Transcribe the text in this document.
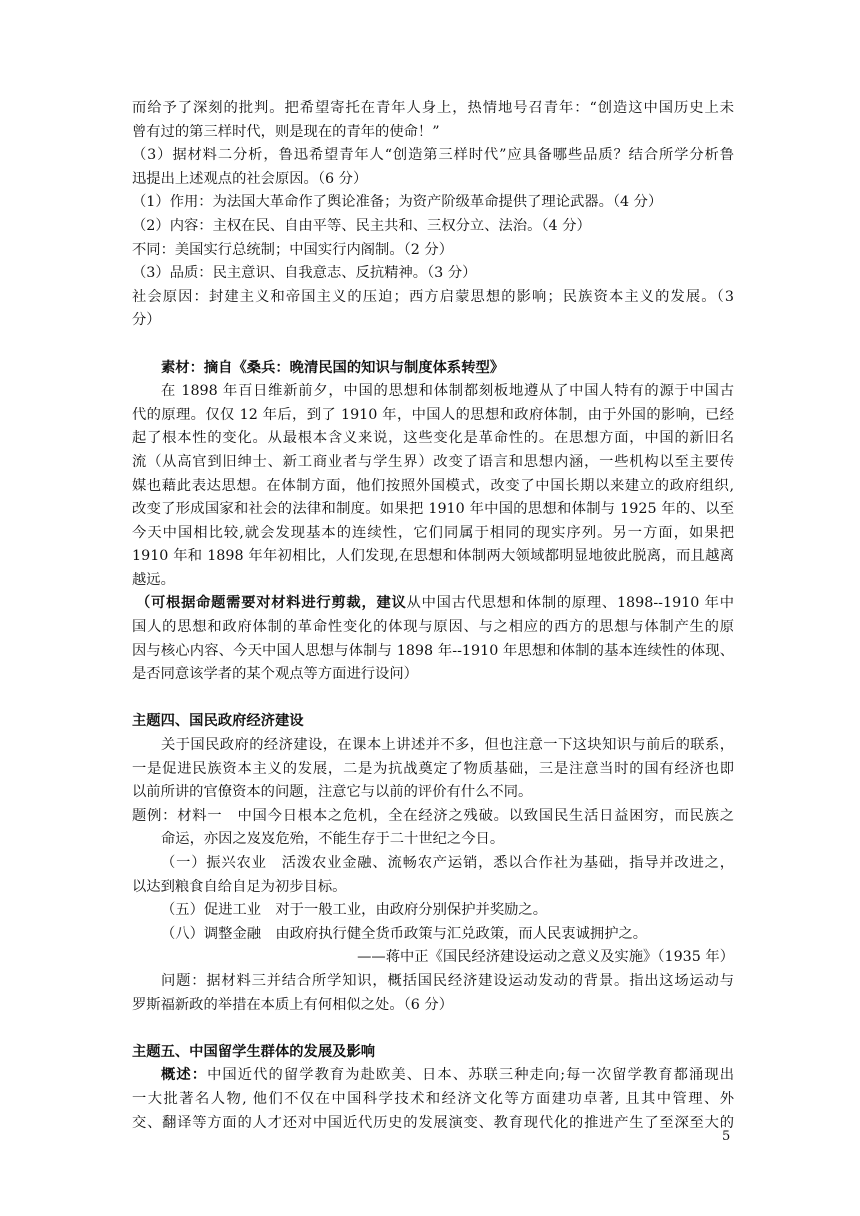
而给予了深刻的批判。把希望寄托在青年人身上，热情地号召青年：“创造这中国历史上未
曾有过的第三样时代，则是现在的青年的使命！”
（3）据材料二分析，鲁迅希望青年人“创造第三样时代”应具备哪些品质？结合所学分析鲁
迅提出上述观点的社会原因。（6 分）
（1）作用：为法国大革命作了舆论准备；为资产阶级革命提供了理论武器。（4 分）
（2）内容：主权在民、自由平等、民主共和、三权分立、法治。（4 分）
不同：美国实行总统制；中国实行内阁制。（2 分）
（3）品质：民主意识、自我意志、反抗精神。（3 分）
社会原因：封建主义和帝国主义的压迫；西方启蒙思想的影响；民族资本主义的发展。（3
分）
素材：摘自《桑兵：晚清民国的知识与制度体系转型》
在 1898 年百日维新前夕，中国的思想和体制都刻板地遵从了中国人特有的源于中国古
代的原理。仅仅 12 年后，到了 1910 年，中国人的思想和政府体制，由于外国的影响，已经
起了根本性的变化。从最根本含义来说，这些变化是革命性的。在思想方面，中国的新旧名
流（从高官到旧绅士、新工商业者与学生界）改变了语言和思想内涵，一些机构以至主要传
媒也藉此表达思想。在体制方面，他们按照外国模式，改变了中国长期以来建立的政府组织,
改变了形成国家和社会的法律和制度。如果把 1910 年中国的思想和体制与 1925 年的、以至
今天中国相比较,就会发现基本的连续性，它们同属于相同的现实序列。另一方面，如果把
1910 年和 1898 年年初相比，人们发现,在思想和体制两大领域都明显地彼此脱离，而且越离
越远。
（可根据命题需要对材料进行剪裁，建议从中国古代思想和体制的原理、1898--1910 年中
国人的思想和政府体制的革命性变化的体现与原因、与之相应的西方的思想与体制产生的原
因与核心内容、今天中国人思想与体制与 1898 年--1910 年思想和体制的基本连续性的体现、
是否同意该学者的某个观点等方面进行设问）
主题四、国民政府经济建设
关于国民政府的经济建设，在课本上讲述并不多，但也注意一下这块知识与前后的联系，
一是促进民族资本主义的发展，二是为抗战奠定了物质基础，三是注意当时的国有经济也即
以前所讲的官僚资本的问题，注意它与以前的评价有什么不同。
题例：材料一　中国今日根本之危机，全在经济之残破。以致国民生活日益困穷，而民族之
命运，亦因之岌岌危殆，不能生存于二十世纪之今日。
（一）振兴农业　活泼农业金融、流畅农产运销，悉以合作社为基础，指导并改进之，
以达到粮食自给自足为初步目标。
（五）促进工业　对于一般工业，由政府分别保护并奖励之。
（八）调整金融　由政府执行健全货币政策与汇兑政策，而人民衷诚拥护之。
——蒋中正《国民经济建设运动之意义及实施》（1935 年）
问题：据材料三并结合所学知识，概括国民经济建设运动发动的背景。指出这场运动与
罗斯福新政的举措在本质上有何相似之处。（6 分）
主题五、中国留学生群体的发展及影响
概述：中国近代的留学教育为赴欧美、日本、苏联三种走向;每一次留学教育都涌现出
一大批著名人物, 他们不仅在中国科学技术和经济文化等方面建功卓著, 且其中管理、外
交、翻译等方面的人才还对中国近代历史的发展演变、教育现代化的推进产生了至深至大的
5
